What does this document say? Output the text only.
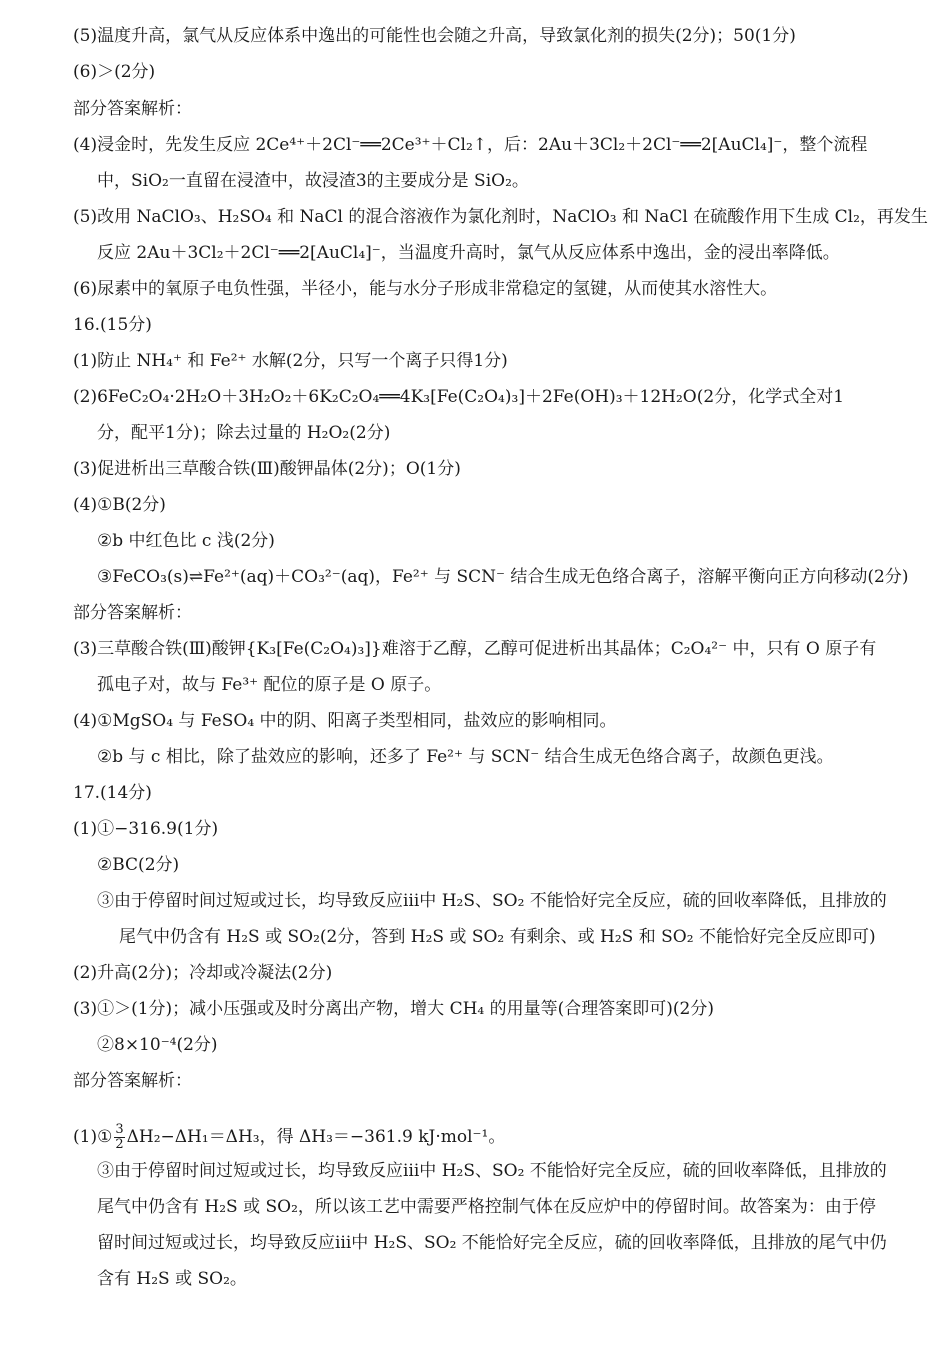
(1)① $\frac{3}{2} \Delta H_2-\Delta H_1=\Delta H_3$，得 ΔH₃＝−361.9 kJ·mol⁻¹。
(5)温度升高，氯气从反应体系中逸出的可能性也会随之升高，导致氯化剂的损失(2分)；50(1分)
(6)＞(2分)
部分答案解析：
(4)浸金时，先发生反应 2Ce⁴⁺＋2Cl⁻══2Ce³⁺＋Cl₂↑，后：2Au＋3Cl₂＋2Cl⁻══2[AuCl₄]⁻，整个流程
中，SiO₂一直留在浸渣中，故浸渣3的主要成分是 SiO₂。
(5)改用 NaClO₃、H₂SO₄ 和 NaCl 的混合溶液作为氯化剂时，NaClO₃ 和 NaCl 在硫酸作用下生成 Cl₂，再发生
反应 2Au＋3Cl₂＋2Cl⁻══2[AuCl₄]⁻，当温度升高时，氯气从反应体系中逸出，金的浸出率降低。
(6)尿素中的氧原子电负性强，半径小，能与水分子形成非常稳定的氢键，从而使其水溶性大。
16.(15分)
(1)防止 NH₄⁺ 和 Fe²⁺ 水解(2分，只写一个离子只得1分)
(2)6FeC₂O₄·2H₂O＋3H₂O₂＋6K₂C₂O₄══4K₃[Fe(C₂O₄)₃]＋2Fe(OH)₃＋12H₂O(2分，化学式全对1
分，配平1分)；除去过量的 H₂O₂(2分)
(3)促进析出三草酸合铁(Ⅲ)酸钾晶体(2分)；O(1分)
(4)①B(2分)
②b 中红色比 c 浅(2分)
③FeCO₃(s)⇌Fe²⁺(aq)＋CO₃²⁻(aq)，Fe²⁺ 与 SCN⁻ 结合生成无色络合离子，溶解平衡向正方向移动(2分)
部分答案解析：
(3)三草酸合铁(Ⅲ)酸钾{K₃[Fe(C₂O₄)₃]}难溶于乙醇，乙醇可促进析出其晶体；C₂O₄²⁻ 中，只有 O 原子有
孤电子对，故与 Fe³⁺ 配位的原子是 O 原子。
(4)①MgSO₄ 与 FeSO₄ 中的阴、阳离子类型相同，盐效应的影响相同。
②b 与 c 相比，除了盐效应的影响，还多了 Fe²⁺ 与 SCN⁻ 结合生成无色络合离子，故颜色更浅。
17.(14分)
(1)①−316.9(1分)
②BC(2分)
③由于停留时间过短或过长，均导致反应ⅲ中 H₂S、SO₂ 不能恰好完全反应，硫的回收率降低，且排放的
尾气中仍含有 H₂S 或 SO₂(2分，答到 H₂S 或 SO₂ 有剩余、或 H₂S 和 SO₂ 不能恰好完全反应即可)
(2)升高(2分)；冷却或冷凝法(2分)
(3)①＞(1分)；减小压强或及时分离出产物，增大 CH₄ 的用量等(合理答案即可)(2分)
②8×10⁻⁴(2分)
部分答案解析：
③由于停留时间过短或过长，均导致反应ⅲ中 H₂S、SO₂ 不能恰好完全反应，硫的回收率降低，且排放的
尾气中仍含有 H₂S 或 SO₂，所以该工艺中需要严格控制气体在反应炉中的停留时间。故答案为：由于停
留时间过短或过长，均导致反应ⅲ中 H₂S、SO₂ 不能恰好完全反应，硫的回收率降低，且排放的尾气中仍
含有 H₂S 或 SO₂。
